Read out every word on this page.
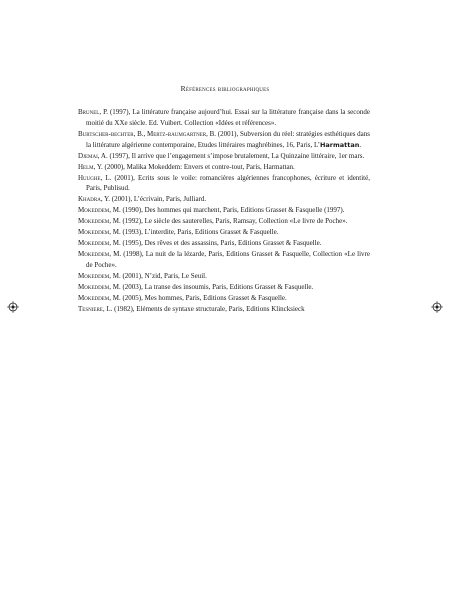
Références bibliographiques
Brunel, P. (1997), La littérature française aujourd’hui. Essai sur la littérature française dans la seconde moitié du XXe siècle. Ed. Vuibert. Collection «Idées et références».
Burtscher-bechter, B., Mertz-baumgartner, B. (2001), Subversion du réel: stratégies esthétiques dans la littérature algérienne contemporaine, Etudes littéraires maghrébines, 16, Paris, L’Harmattan.
Djemai, A. (1997), Il arrive que l’engagement s’impose brutalement, La Quinzaine littéraire, 1er mars.
Helm, Y. (2000), Malika Mokeddem: Envers et contre-tout, Paris, Harmattan.
Huughe, L. (2001), Ecrits sous le voile: romancières algériennes francophones, écriture et identité, Paris, Publisud.
Khadra, Y. (2001), L’écrivain, Paris, Julliard.
Mokeddem, M. (1990), Des hommes qui marchent, Paris, Editions Grasset & Fasquelle (1997).
Mokeddem, M. (1992), Le siècle des sauterelles, Paris, Ramsay, Collection «Le livre de Poche».
Mokeddem, M. (1993), L’interdite, Paris, Editions Grasset & Fasquelle.
Mokeddem, M. (1995), Des rêves et des assassins, Paris, Editions Grasset & Fasquelle.
Mokeddem, M. (1998), La nuit de la lézarde, Paris, Editions Grasset & Fasquelle, Collection «Le livre de Poche».
Mokeddem, M. (2001), N’zid, Paris, Le Seuil.
Mokeddem, M. (2003), La transe des insoumis, Paris, Editions Grasset & Fasquelle.
Mokeddem, M. (2005), Mes hommes, Paris, Editions Grasset & Fasquelle.
Tesniere, L. (1982), Eléments de syntaxe structurale, Paris, Editions Klincksieck
